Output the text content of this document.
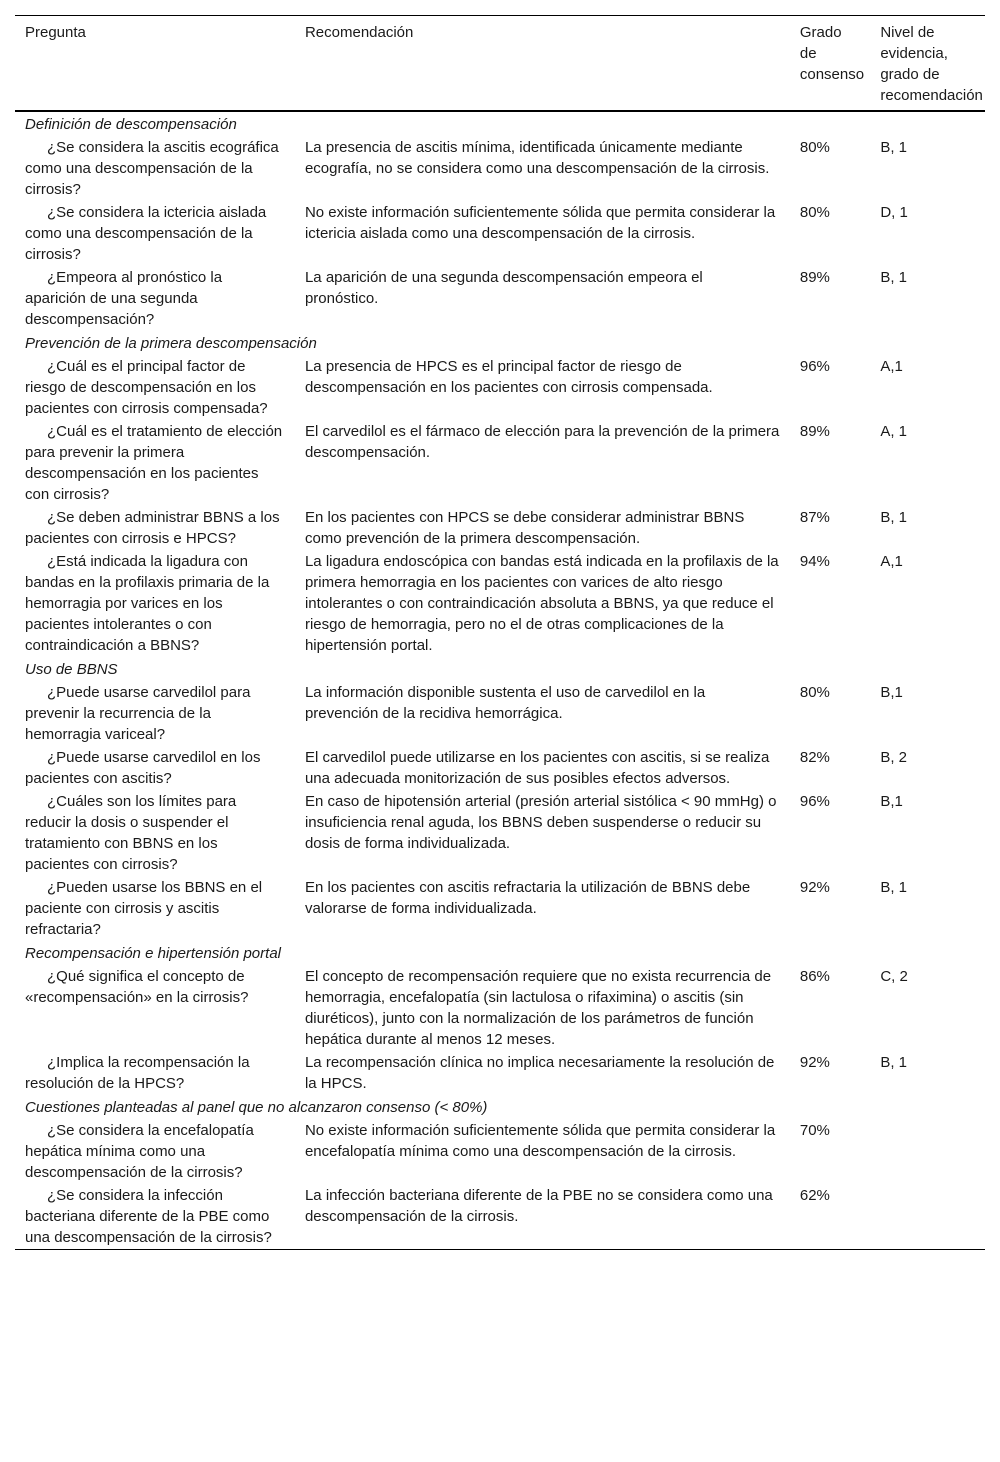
Pregunta	Recomendación	Grado de consenso	Nivel de evidencia, grado de recomendación
Definición de descompensación			
¿Se considera la ascitis ecográfica como una descompensación de la cirrosis?	La presencia de ascitis mínima, identificada únicamente mediante ecografía, no se considera como una descompensación de la cirrosis.	80%	B, 1
¿Se considera la ictericia aislada como una descompensación de la cirrosis?	No existe información suficientemente sólida que permita considerar la ictericia aislada como una descompensación de la cirrosis.	80%	D, 1
¿Empeora al pronóstico la aparición de una segunda descompensación?	La aparición de una segunda descompensación empeora el pronóstico.	89%	B, 1
Prevención de la primera descompensación			
¿Cuál es el principal factor de riesgo de descompensación en los pacientes con cirrosis compensada?	La presencia de HPCS es el principal factor de riesgo de descompensación en los pacientes con cirrosis compensada.	96%	A,1
¿Cuál es el tratamiento de elección para prevenir la primera descompensación en los pacientes con cirrosis?	El carvedilol es el fármaco de elección para la prevención de la primera descompensación.	89%	A, 1
¿Se deben administrar BBNS a los pacientes con cirrosis e HPCS?	En los pacientes con HPCS se debe considerar administrar BBNS como prevención de la primera descompensación.	87%	B, 1
¿Está indicada la ligadura con bandas en la profilaxis primaria de la hemorragia por varices en los pacientes intolerantes o con contraindicación a BBNS?	La ligadura endoscópica con bandas está indicada en la profilaxis de la primera hemorragia en los pacientes con varices de alto riesgo intolerantes o con contraindicación absoluta a BBNS, ya que reduce el riesgo de hemorragia, pero no el de otras complicaciones de la hipertensión portal.	94%	A,1
Uso de BBNS			
¿Puede usarse carvedilol para prevenir la recurrencia de la hemorragia variceal?	La información disponible sustenta el uso de carvedilol en la prevención de la recidiva hemorrágica.	80%	B,1
¿Puede usarse carvedilol en los pacientes con ascitis?	El carvedilol puede utilizarse en los pacientes con ascitis, si se realiza una adecuada monitorización de sus posibles efectos adversos.	82%	B, 2
¿Cuáles son los límites para reducir la dosis o suspender el tratamiento con BBNS en los pacientes con cirrosis?	En caso de hipotensión arterial (presión arterial sistólica < 90 mmHg) o insuficiencia renal aguda, los BBNS deben suspenderse o reducir su dosis de forma individualizada.	96%	B,1
¿Pueden usarse los BBNS en el paciente con cirrosis y ascitis refractaria?	En los pacientes con ascitis refractaria la utilización de BBNS debe valorarse de forma individualizada.	92%	B, 1
Recompensación e hipertensión portal			
¿Qué significa el concepto de «recompensación» en la cirrosis?	El concepto de recompensación requiere que no exista recurrencia de hemorragia, encefalopatía (sin lactulosa o rifaximina) o ascitis (sin diuréticos), junto con la normalización de los parámetros de función hepática durante al menos 12 meses.	86%	C, 2
¿Implica la recompensación la resolución de la HPCS?	La recompensación clínica no implica necesariamente la resolución de la HPCS.	92%	B, 1
Cuestiones planteadas al panel que no alcanzaron consenso (< 80%)			
¿Se considera la encefalopatía hepática mínima como una descompensación de la cirrosis?	No existe información suficientemente sólida que permita considerar la encefalopatía mínima como una descompensación de la cirrosis.	70%	
¿Se considera la infección bacteriana diferente de la PBE como una descompensación de la cirrosis?	La infección bacteriana diferente de la PBE no se considera como una descompensación de la cirrosis.	62%	
